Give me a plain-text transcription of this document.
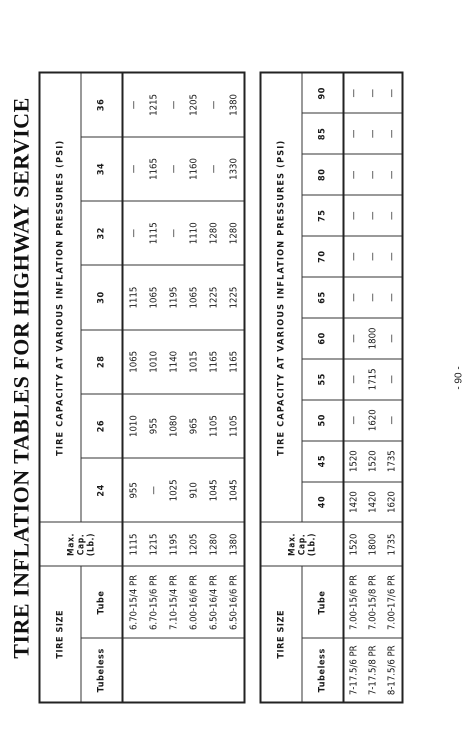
TIRE INFLATION TABLES FOR HIGHWAY SERVICE TIRE SIZE		Max.
Cap.
(Lb.)	TIRE CAPACITY AT VARIOUS INFLATION PRESSURES (PSI)						
Tubeless	Tube		24	26	28	30	32	34	36
	6.70-15/4 PR	1115	955	1010	1065	1115	—	—	—
	6.70-15/6 PR	1215	—	955	1010	1065	1115	1165	1215
	7.10-15/4 PR	1195	1025	1080	1140	1195	—	—	—
	6.00-16/6 PR	1205	910	965	1015	1065	1110	1160	1205
	6.50-16/4 PR	1280	1045	1105	1165	1225	1280	—	—
	6.50-16/6 PR	1380	1045	1105	1165	1225	1280	1330	1380
TIRE SIZE		Max.
Cap.
(Lb.)	TIRE CAPACITY AT VARIOUS INFLATION PRESSURES (PSI)										
Tubeless	Tube		40	45	50	55	60	65	70	75	80	85	90
7-17.5/6 PR	7.00-15/6 PR	1520	1420	1520	—	—	—	—	—	—	—	—	—
7-17.5/8 PR	7.00-15/8 PR	1800	1420	1520	1620	1715	1800	—	—	—	—	—	—
8-17.5/6 PR	7.00-17/6 PR	1735	1620	1735	—	—	—	—	—	—	—	—	—
- 90 -
